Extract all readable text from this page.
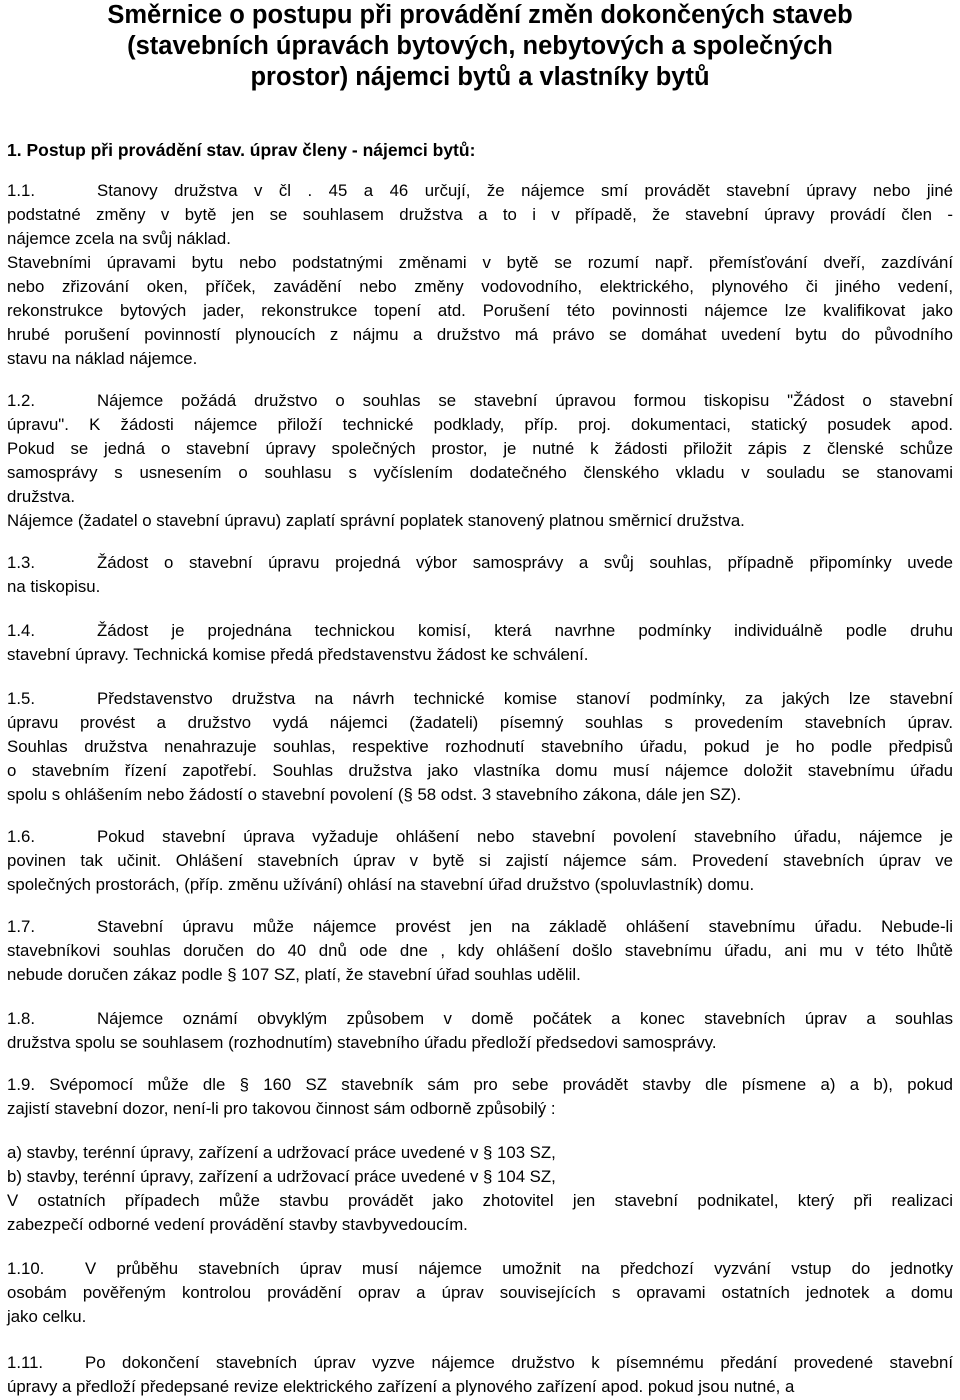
Směrnice o postupu při provádění změn dokončených staveb
(stavebních úpravách bytových, nebytových a společných
prostor) nájemci bytů a vlastníky bytů
1. Postup při provádění stav. úprav členy - nájemci bytů:
1.1.	Stanovy družstva v čl . 45 a 46 určují, že nájemce smí provádět stavební úpravy nebo jiné
podstatné změny v bytě jen se souhlasem družstva a to i v případě, že stavební úpravy provádí člen -
nájemce zcela na svůj náklad.
Stavebními úpravami bytu nebo podstatnými změnami v bytě se rozumí např. přemísťování dveří, zazdívání
nebo zřizování oken, příček, zavádění nebo změny vodovodního, elektrického, plynového či jiného vedení,
rekonstrukce bytových jader, rekonstrukce topení atd. Porušení této povinnosti nájemce lze kvalifikovat jako
hrubé porušení povinností plynoucích z nájmu a družstvo má právo se domáhat uvedení bytu do původního
stavu na náklad nájemce.
1.2.	Nájemce požádá družstvo o souhlas se stavební úpravou formou tiskopisu "Žádost o stavební
úpravu". K žádosti nájemce přiloží technické podklady, příp. proj. dokumentaci, statický posudek apod.
Pokud se jedná o stavební úpravy společných prostor, je nutné k žádosti přiložit zápis z členské schůze
samosprávy s usnesením o souhlasu s vyčíslením dodatečného členského vkladu v souladu se stanovami
družstva.
Nájemce (žadatel o stavební úpravu) zaplatí správní poplatek stanovený platnou směrnicí družstva.
1.3.	Žádost o stavební úpravu projedná výbor samosprávy a svůj souhlas, případně připomínky uvede
na tiskopisu.
1.4.	Žádost je projednána technickou komisí, která navrhne podmínky individuálně podle druhu
stavební úpravy. Technická komise předá představenstvu žádost ke schválení.
1.5.	Představenstvo družstva na návrh technické komise stanoví podmínky, za jakých lze stavební
úpravu provést a družstvo vydá nájemci (žadateli) písemný souhlas s provedením stavebních úprav.
Souhlas družstva nenahrazuje souhlas, respektive rozhodnutí stavebního úřadu, pokud je ho podle předpisů
o stavebním řízení zapotřebí. Souhlas družstva jako vlastníka domu musí nájemce doložit stavebnímu úřadu
spolu s ohlášením nebo žádostí o stavební povolení (§ 58 odst. 3 stavebního zákona, dále jen SZ).
1.6.	Pokud stavební úprava vyžaduje ohlášení nebo stavební povolení stavebního úřadu, nájemce je
povinen tak učinit. Ohlášení stavebních úprav v bytě si zajistí nájemce sám. Provedení stavebních úprav ve
společných prostorách, (příp. změnu užívání) ohlásí na stavební úřad družstvo (spoluvlastník) domu.
1.7.	Stavební úpravu může nájemce provést jen na základě ohlášení stavebnímu úřadu. Nebude-li
stavebníkovi souhlas doručen do 40 dnů ode dne , kdy ohlášení došlo stavebnímu úřadu, ani mu v této lhůtě
nebude doručen zákaz podle § 107 SZ, platí, že stavební úřad souhlas udělil.
1.8.	Nájemce oznámí obvyklým způsobem v domě počátek a konec stavebních úprav a souhlas
družstva spolu se souhlasem (rozhodnutím) stavebního úřadu předloží předsedovi samosprávy.
1.9. Svépomocí může dle § 160 SZ stavebník sám pro sebe provádět stavby dle písmene a) a b), pokud
zajistí stavební dozor, není-li pro takovou činnost sám odborně způsobilý :
a) stavby, terénní úpravy, zařízení a udržovací práce uvedené v § 103 SZ,
b) stavby, terénní úpravy, zařízení a udržovací práce uvedené v § 104 SZ,
V ostatních případech může stavbu provádět jako zhotovitel jen stavební podnikatel, který při realizaci
zabezpečí odborné vedení provádění stavby stavbyvedoucím.
1.10. V průběhu stavebních úprav musí nájemce umožnit na předchozí vyzvání vstup do jednotky
osobám pověřeným kontrolou provádění oprav a úprav souvisejících s opravami ostatních jednotek a domu
jako celku.
1.11. Po dokončení stavebních úprav vyzve nájemce družstvo k písemnému předání provedené stavební
úpravy a předloží předepsané revize elektrického zařízení a plynového zařízení apod. pokud jsou nutné, a
